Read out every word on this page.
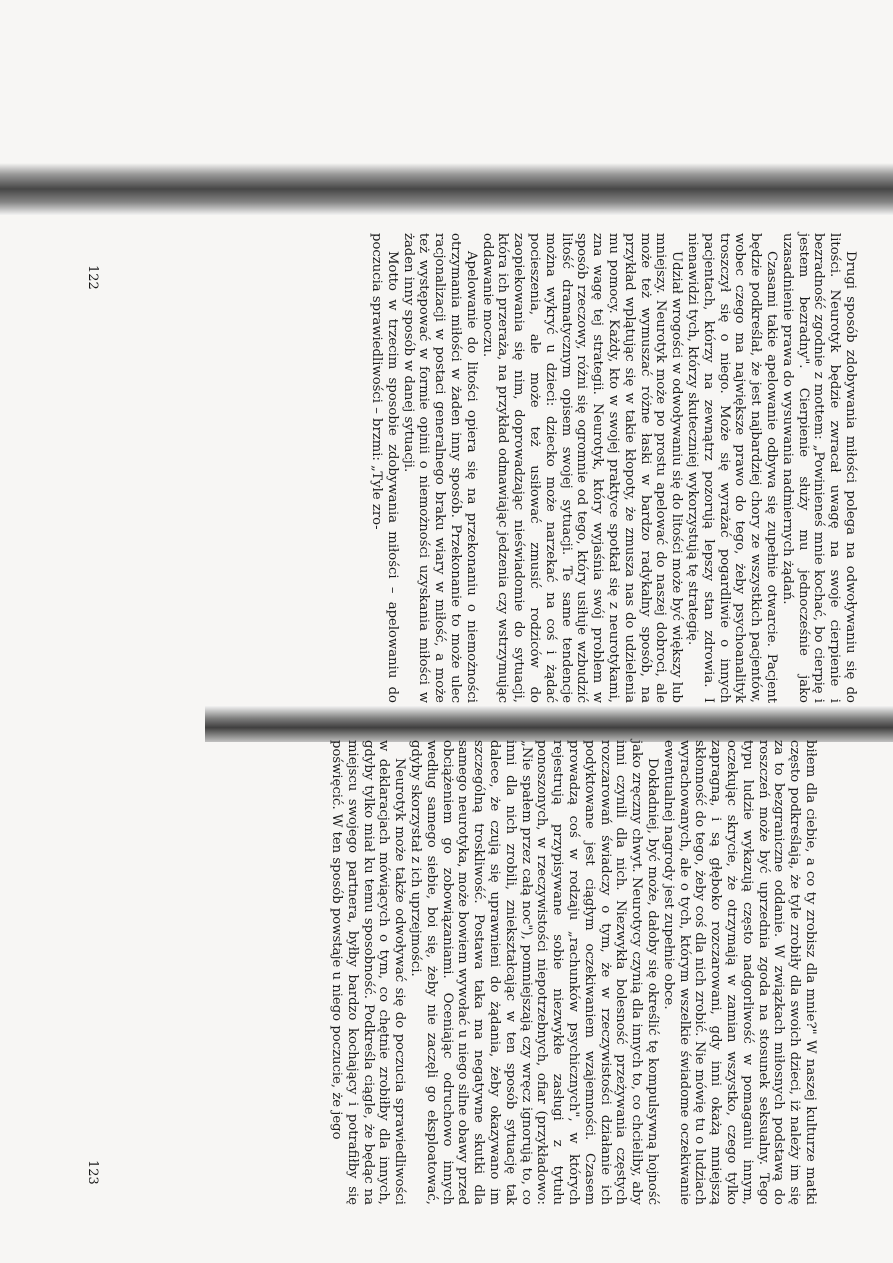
Drugi sposób zdobywania miłości polega na odwoływaniu się do litości. Neurotyk będzie zwracał uwagę na swoje cierpienie i bezradność zgodnie z mottem: „Powinieneś mnie kochać, bo cierpię i jestem bezradny". Cierpienie służy mu jednocześnie jako uzasadnienie prawa do wysuwania nadmiernych żądań.

Czasami takie apelowanie odbywa się zupełnie otwarcie. Pacjent będzie podkreślał, że jest najbardziej chory ze wszystkich pacjentów, wobec czego ma największe prawo do tego, żeby psychoanalityk troszczył się o niego. Może się wyrażać pogardliwie o innych pacjentach, którzy na zewnątrz pozorują lepszy stan zdrowia. I nienawidzi tych, którzy skuteczniej wykorzystują tę strategię.

Udział wrogości w odwoływaniu się do litości może być większy lub mniejszy. Neurotyk może po prostu apelować do naszej dobroci, ale może też wymuszać różne łaski w bardzo radykalny sposób, na przykład wplątując się w takie kłopoty, że zmusza nas do udzielenia mu pomocy. Każdy, kto w swojej praktyce spotkał się z neurotykami, zna wagę tej strategii. Neurotyk, który wyjaśnia swój problem w sposób rzeczowy, różni się ogromnie od tego, który usiłuje wzbudzić litość dramatycznym opisem swojej sytuacji. Te same tendencje można wykryć u dzieci: dziecko może narzekać na coś i żądać pocieszenia, ale może też usiłować zmusić rodziców do zaopiekowania się nim, doprowadzając nieświadomie do sytuacji, która ich przeraża, na przykład odmawiając jedzenia czy wstrzymując oddawanie moczu.

Apelowanie do litości opiera się na przekonaniu o niemożności otrzymania miłości w żaden inny sposób. Przekonanie to może ulec racjonalizacji w postaci generalnego braku wiary w miłość, a może też występować w formie opinii o niemożności uzyskania miłości w żaden inny sposób w danej sytuacji.

Motto w trzecim sposobie zdobywania miłości – apelowaniu do poczucia sprawiedliwości – brzmi: „Tyle zro-

122

biłem dla ciebie, a co ty zrobisz dla mnie?" W naszej kulturze matki często podkreślają, że tyle zrobiły dla swoich dzieci, iż należy im się za to bezgraniczne oddanie. W związkach miłosnych podstawą do roszczeń może być uprzednia zgoda na stosunek seksualny. Tego typu ludzie wykazują często nadgorliwość w pomaganiu innym, oczekując skrycie, że otrzymają w zamian wszystko, czego tylko zapragną, i są głęboko rozczarowani, gdy inni okażą mniejszą skłonność do tego, żeby coś dla nich zrobić. Nie mówię tu o ludziach wyrachowanych, ale o tych, którym wszelkie świadome oczekiwanie ewentualnej nagrody jest zupełnie obce.

Dokładniej, być może, dałoby się określić tę kompulsywną hojność jako zręczny chwyt. Neurotycy czynią dla innych to, co chcieliby, aby inni czynili dla nich. Niezwykła bolesność przeżywania częstych rozczarowań świadczy o tym, że w rzeczywistości działanie ich podyktowane jest ciągłym oczekiwaniem wzajemności. Czasem prowadzą coś w rodzaju „rachunków psychicznych", w których rejestrują przypisywane sobie niezwykłe zasługi z tytułu ponoszonych, w rzeczywistości niepotrzebnych, ofiar (przykładowo: „Nie spałem przez całą noc"), pomniejszają czy wręcz ignorują to, co inni dla nich zrobili, zniekształcając w ten sposób sytuację tak dalece, że czują się uprawnieni do żądania, żeby okazywano im szczególną troskliwość. Postawa taka ma negatywne skutki dla samego neurotyka, może bowiem wywołać u niego silne obawy przed obciążeniem go zobowiązaniami. Oceniając odruchowo innych według samego siebie, boi się, żeby nie zaczęli go eksploatować, gdyby skorzystał z ich uprzejmości.

Neurotyk może także odwoływać się do poczucia sprawiedliwości w deklaracjach mówiących o tym, co chętnie zrobiłby dla innych, gdyby tylko miał ku temu sposobność. Podkreśla ciągle, że będąc na miejscu swojego partnera, byłby bardzo kochający i potrafiłby się poświęcić. W ten sposób powstaje u niego poczucie, że jego

123
